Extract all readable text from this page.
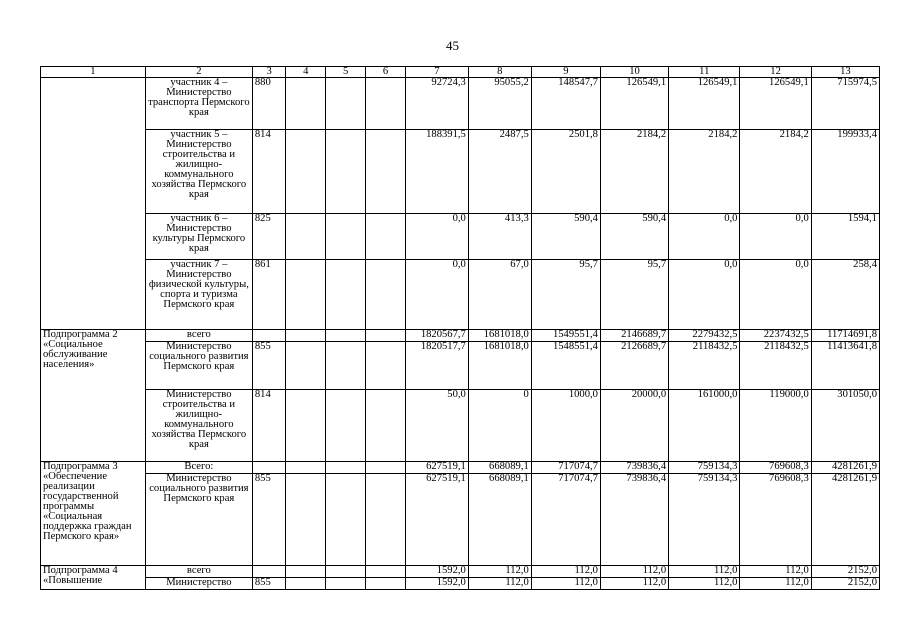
45
1	2	3	4	5	6	7	8	9	10	11	12	13
	участник 4 – Министерство транспорта Пермского края	880				92724,3	95055,2	148547,7	126549,1	126549,1	126549,1	715974,5
	участник 5 – Министерство строительства и жилищно-коммунального хозяйства Пермского края	814				188391,5	2487,5	2501,8	2184,2	2184,2	2184,2	199933,4
	участник 6 – Министерство культуры Пермского края	825				0,0	413,3	590,4	590,4	0,0	0,0	1594,1
	участник 7 – Министерство физической культуры, спорта и туризма Пермского края	861				0,0	67,0	95,7	95,7	0,0	0,0	258,4
Подпрограмма 2 «Социальное обслуживание населения»	всего					1820567,7	1681018,0	1549551,4	2146689,7	2279432,5	2237432,5	11714691,8
	Министерство социального развития Пермского края	855				1820517,7	1681018,0	1548551,4	2126689,7	2118432,5	2118432,5	11413641,8
	Министерство строительства и жилищно-коммунального хозяйства Пермского края	814				50,0	0	1000,0	20000,0	161000,0	119000,0	301050,0
Подпрограмма 3 «Обеспечение реализации государственной программы «Социальная поддержка граждан Пермского края»	Всего:					627519,1	668089,1	717074,7	739836,4	759134,3	769608,3	4281261,9
	Министерство социального развития Пермского края	855				627519,1	668089,1	717074,7	739836,4	759134,3	769608,3	4281261,9
Подпрограмма 4 «Повышение	всего					1592,0	112,0	112,0	112,0	112,0	112,0	2152,0
	Министерство	855				1592,0	112,0	112,0	112,0	112,0	112,0	2152,0
